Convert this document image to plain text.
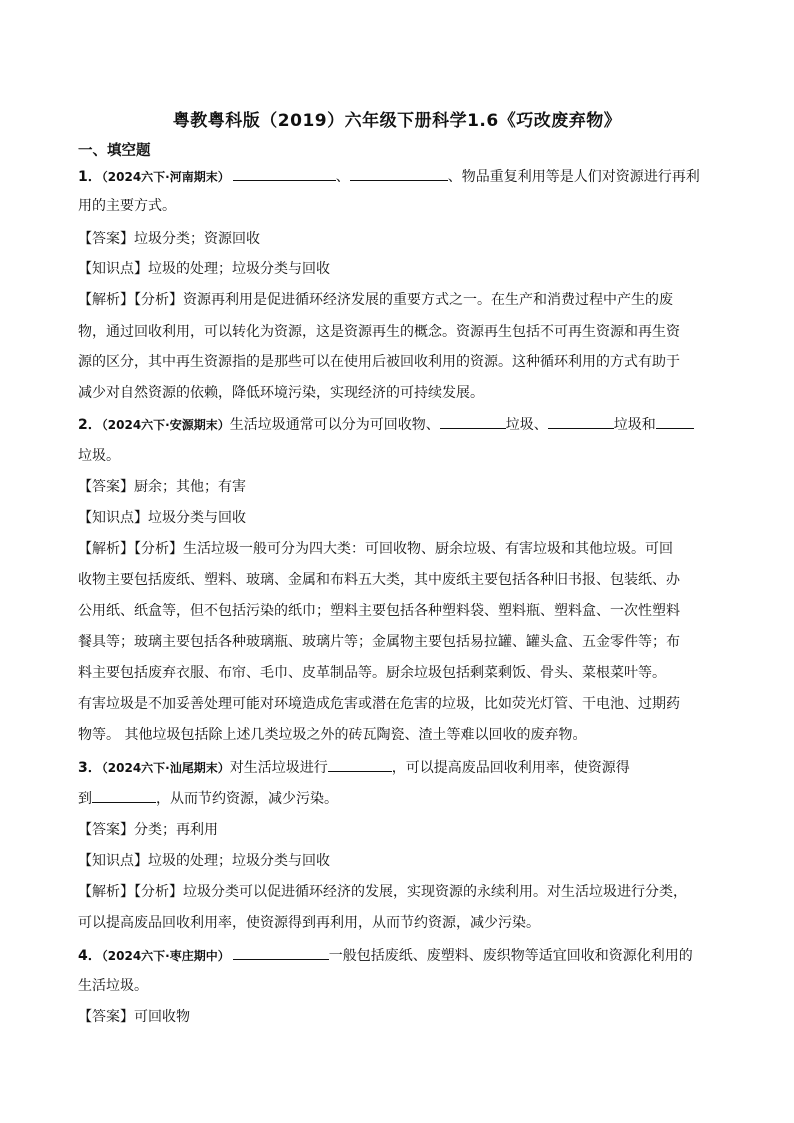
粤教粤科版（2019）六年级下册科学1.6《巧改废弃物》
一、填空题
1．（2024六下·河南期末）	、	、物品重复利用等是人们对资源进行再利
用的主要方式。
【答案】垃圾分类；资源回收
【知识点】垃圾的处理；垃圾分类与回收
【解析】【分析】资源再利用是促进循环经济发展的重要方式之一。在生产和消费过程中产生的废
物，通过回收利用，可以转化为资源，这是资源再生的概念。资源再生包括不可再生资源和再生资
源的区分，其中再生资源指的是那些可以在使用后被回收利用的资源。这种循环利用的方式有助于
减少对自然资源的依赖，降低环境污染，实现经济的可持续发展。
2．（2024六下·安源期末）生活垃圾通常可以分为可回收物、	垃圾、	垃圾和
垃圾。
【答案】厨余；其他；有害
【知识点】垃圾分类与回收
【解析】【分析】生活垃圾一般可分为四大类：可回收物、厨余垃圾、有害垃圾和其他垃圾。可回
收物主要包括废纸、塑料、玻璃、金属和布料五大类，其中废纸主要包括各种旧书报、包装纸、办
公用纸、纸盒等，但不包括污染的纸巾；塑料主要包括各种塑料袋、塑料瓶、塑料盒、一次性塑料
餐具等；玻璃主要包括各种玻璃瓶、玻璃片等；金属物主要包括易拉罐、罐头盒、五金零件等；布
料主要包括废弃衣服、布帘、毛巾、皮革制品等。厨余垃圾包括剩菜剩饭、骨头、菜根菜叶等。
有害垃圾是不加妥善处理可能对环境造成危害或潜在危害的垃圾，比如荧光灯管、干电池、过期药
物等。 其他垃圾包括除上述几类垃圾之外的砖瓦陶瓷、渣土等难以回收的废弃物。
3．（2024六下·汕尾期末）对生活垃圾进行	，可以提高废品回收利用率，使资源得
到	，从而节约资源，减少污染。
【答案】分类；再利用
【知识点】垃圾的处理；垃圾分类与回收
【解析】【分析】垃圾分类可以促进循环经济的发展，实现资源的永续利用。对生活垃圾进行分类，
可以提高废品回收利用率，使资源得到再利用，从而节约资源，减少污染。
4．（2024六下·枣庄期中）	一般包括废纸、废塑料、废织物等适宜回收和资源化利用的
生活垃圾。
【答案】可回收物
